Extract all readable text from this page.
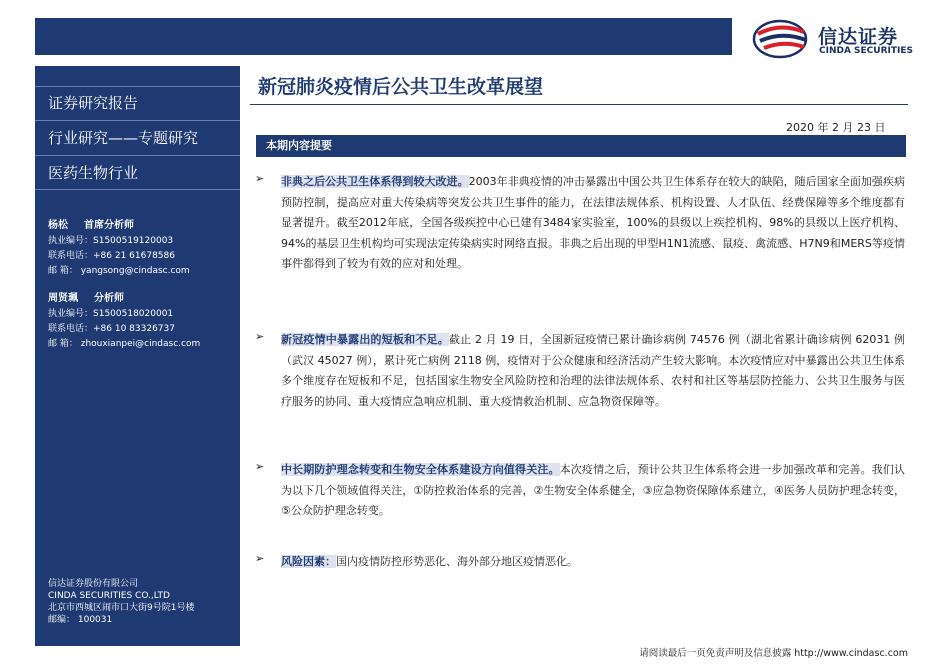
信达证券
CINDA SECURITIES
证券研究报告
行业研究——专题研究
医药生物行业
杨松 首席分析师
执业编号：S1500519120003
联系电话：+86 21 61678586
邮 箱： yangsong@cindasc.com
周贤珮 分析师
执业编号：S1500518020001
联系电话：+86 10 83326737
邮 箱： zhouxianpei@cindasc.com
信达证券股份有限公司
CINDA SECURITIES CO.,LTD
北京市西城区闹市口大街9号院1号楼
邮编： 100031
新冠肺炎疫情后公共卫生改革展望
2020 年 2 月 23 日
本期内容提要
➢ 非典之后公共卫生体系得到较大改进。2003年非典疫情的冲击暴露出中国公共卫生体系存在较大的缺陷，随后国家全面加强疾病预防控制，提高应对重大传染病等突发公共卫生事件的能力，在法律法规体系、机构设置、人才队伍、经费保障等多个维度都有显著提升。截至2012年底，全国各级疾控中心已建有3484家实验室，100%的县级以上疾控机构、98%的县级以上医疗机构、94%的基层卫生机构均可实现法定传染病实时网络直报。非典之后出现的甲型H1N1流感、鼠疫、禽流感、H7N9和MERS等疫情事件都得到了较为有效的应对和处理。
➢ 新冠疫情中暴露出的短板和不足。截止 2 月 19 日，全国新冠疫情已累计确诊病例 74576 例（湖北省累计确诊病例 62031 例（武汉 45027 例），累计死亡病例 2118 例，疫情对于公众健康和经济活动产生较大影响。本次疫情应对中暴露出公共卫生体系多个维度存在短板和不足，包括国家生物安全风险防控和治理的法律法规体系、农村和社区等基层防控能力、公共卫生服务与医疗服务的协同、重大疫情应急响应机制、重大疫情救治机制、应急物资保障等。
➢ 中长期防护理念转变和生物安全体系建设方向值得关注。本次疫情之后，预计公共卫生体系将会进一步加强改革和完善。我们认为以下几个领域值得关注，①防控救治体系的完善，②生物安全体系健全，③应急物资保障体系建立，④医务人员防护理念转变，⑤公众防护理念转变。
➢ 风险因素：国内疫情防控形势恶化、海外部分地区疫情恶化。
请阅读最后一页免责声明及信息披露 http://www.cindasc.com
